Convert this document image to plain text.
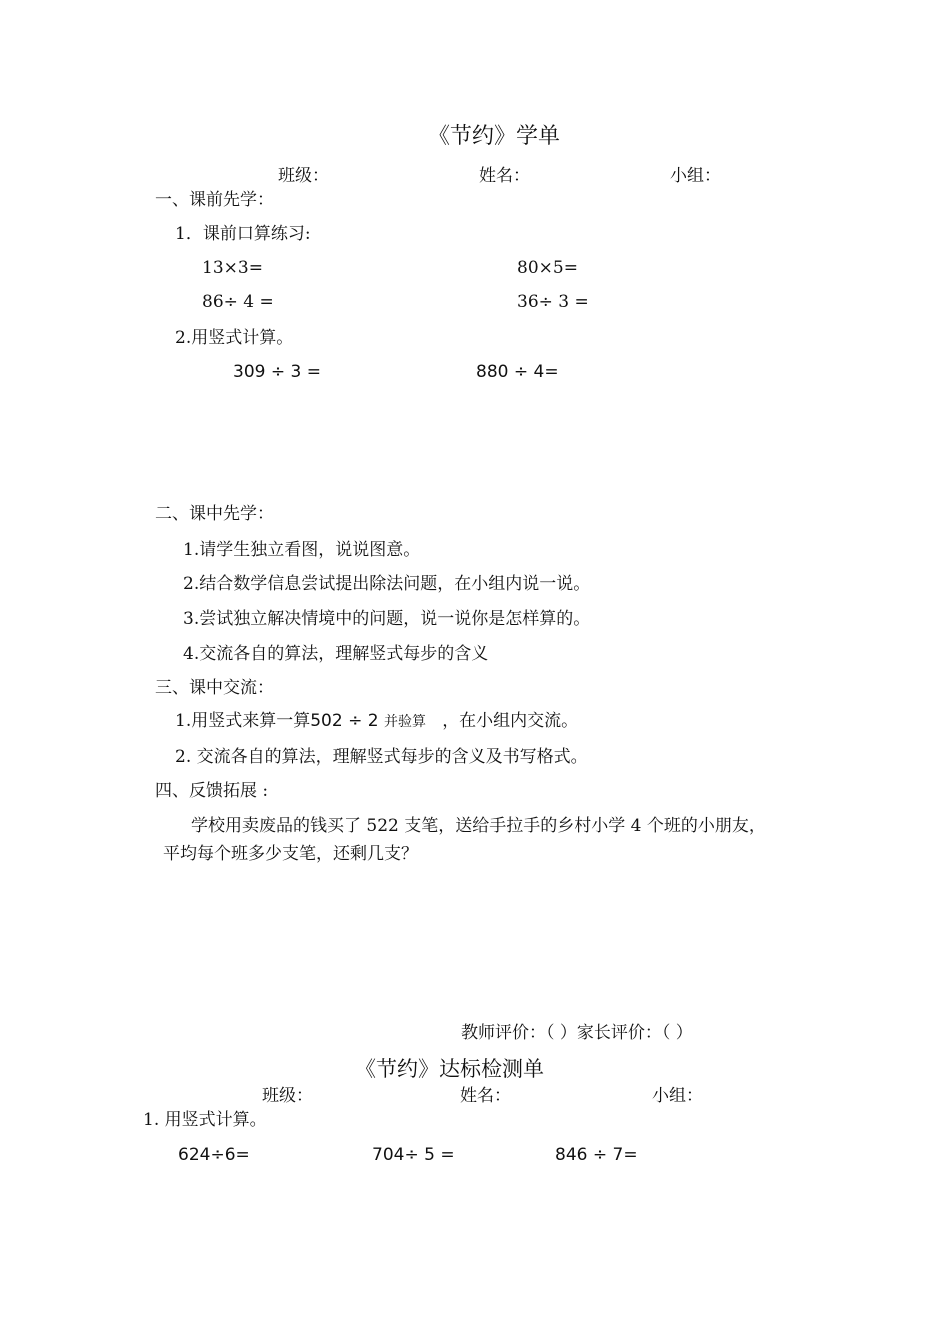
《节约》学单
班级：	姓名：	小组：
一、课前先学：
1．课前口算练习:
13×3=	80×5=
86÷ 4 =	36÷ 3 =
2.用竖式计算。
309 ÷ 3 =	880 ÷ 4=
二、课中先学：
1.请学生独立看图，说说图意。
2.结合数学信息尝试提出除法问题，在小组内说一说。
3.尝试独立解决情境中的问题，说一说你是怎样算的。
4.交流各自的算法，理解竖式每步的含义
三、课中交流：
1.用竖式来算一算502 ÷ 2 并验算 ，在小组内交流。
2. 交流各自的算法，理解竖式每步的含义及书写格式。
四、反馈拓展 :
学校用卖废品的钱买了 522 支笔，送给手拉手的乡村小学 4 个班的小朋友，
平均每个班多少支笔，还剩几支？
教师评价：（ ）家长评价：（ ）
《节约》达标检测单
班级：	姓名：	小组：
1. 用竖式计算。
624÷6=	704÷ 5 =	846 ÷ 7=
